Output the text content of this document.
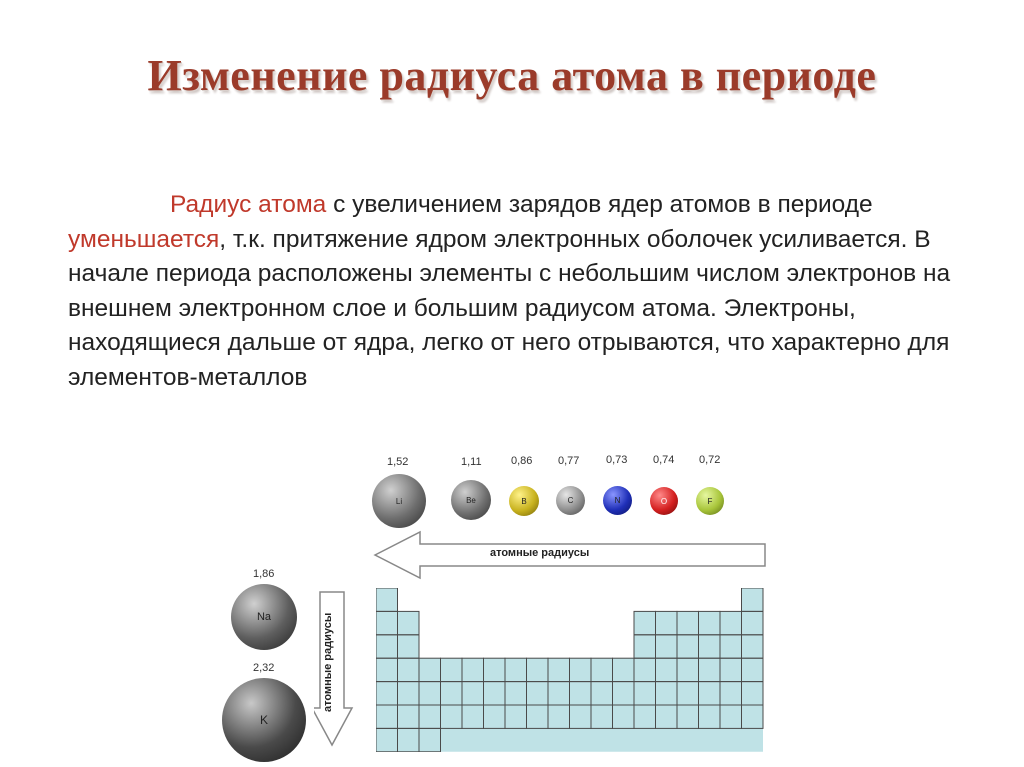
Изменение радиуса атома в периоде
Радиус атома с увеличением зарядов ядер атомов в периоде уменьшается, т.к. притяжение ядром электронных оболочек усиливается. В начале периода расположены элементы с небольшим числом электронов на внешнем электронном слое и большим радиусом атома. Электроны, находящиеся дальше от ядра, легко от него отрываются, что характерно для элементов-металлов
1,52	1,11	0,86 0,77 0,73 0,74 0,72
Li	Be	B	C	N	O	F
атомные радиусы
1,86
Na
2,32
K
атомные радиусы
